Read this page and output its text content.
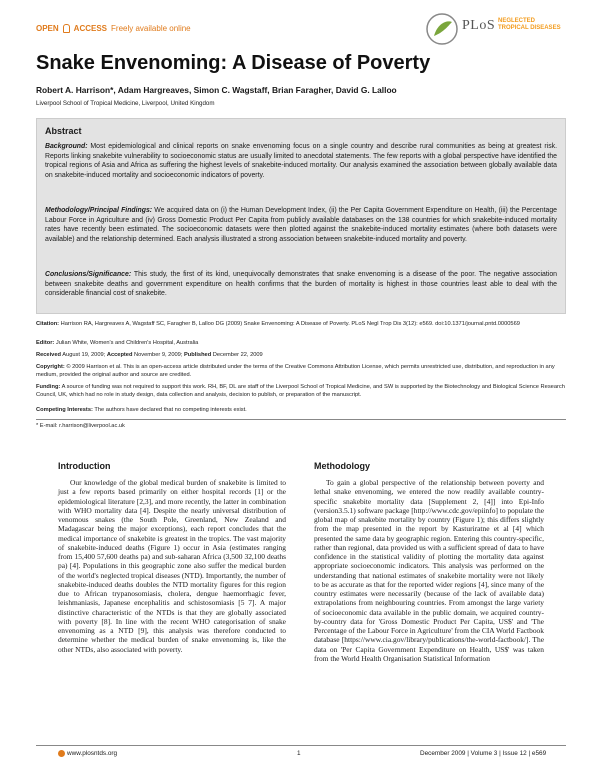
OPEN ACCESS Freely available online	PLoS NEGLECTED
TROPICAL DISEASES
Snake Envenoming: A Disease of Poverty
Robert A. Harrison*, Adam Hargreaves, Simon C. Wagstaff, Brian Faragher, David G. Lalloo
Liverpool School of Tropical Medicine, Liverpool, United Kingdom
Abstract
Background: Most epidemiological and clinical reports on snake envenoming focus on a single country and describe rural communities as being at greatest risk. Reports linking snakebite vulnerability to socioeconomic status are usually limited to anecdotal statements. The few reports with a global perspective have identified the tropical regions of Asia and Africa as suffering the highest levels of snakebite-induced mortality. Our analysis examined the association between globally available data on snakebite-induced mortality and socioeconomic indicators of poverty.
Methodology/Principal Findings: We acquired data on (i) the Human Development Index, (ii) the Per Capita Government Expenditure on Health, (iii) the Percentage Labour Force in Agriculture and (iv) Gross Domestic Product Per Capita from publicly available databases on the 138 countries for which snakebite-induced mortality rates have recently been estimated. The socioeconomic datasets were then plotted against the snakebite-induced mortality estimates (where both datasets were available) and the relationship determined. Each analysis illustrated a strong association between snakebite-induced mortality and poverty.
Conclusions/Significance: This study, the first of its kind, unequivocally demonstrates that snake envenoming is a disease of the poor. The negative association between snakebite deaths and government expenditure on health confirms that the burden of mortality is highest in those countries least able to deal with the considerable financial cost of snakebite.
Citation: Harrison RA, Hargreaves A, Wagstaff SC, Faragher B, Lalloo DG (2009) Snake Envenoming: A Disease of Poverty. PLoS Negl Trop Dis 3(12): e569. doi:10.1371/journal.pntd.0000569
Editor: Julian White, Women's and Children's Hospital, Australia
Received August 19, 2009; Accepted November 9, 2009; Published December 22, 2009
Copyright: © 2009 Harrison et al. This is an open-access article distributed under the terms of the Creative Commons Attribution License, which permits unrestricted use, distribution, and reproduction in any medium, provided the original author and source are credited.
Funding: A source of funding was not required to support this work. RH, BF, DL are staff of the Liverpool School of Tropical Medicine, and SW is supported by the Biotechnology and Biological Science Research Council, UK, which had no role in study design, data collection and analysis, decision to publish, or preparation of the manuscript.
Competing Interests: The authors have declared that no competing interests exist.
* E-mail: r.harrison@liverpool.ac.uk
Introduction

Our knowledge of the global medical burden of snakebite is limited to just a few reports based primarily on either hospital records [1] or the epidemiological literature [2,3], and more recently, the latter in combination with WHO mortality data [4]. Despite the nearly universal distribution of venomous snakes (the South Pole, Greenland, New Zealand and Madagascar being the major exceptions), each report concludes that the medical importance of snakebite is greatest in the tropics. The vast majority of snakebite-induced deaths (Figure 1) occur in Asia (estimates ranging from 15,400 57,600 deaths pa) and sub-saharan Africa (3,500 32,100 deaths pa) [4]. Populations in this geographic zone also suffer the medical burden of the world's neglected tropical diseases (NTD). Importantly, the number of snakebite-induced deaths doubles the NTD mortality figures for this region due to African trypanosomiasis, cholera, dengue haemorrhagic fever, leishmaniasis, Japanese encephalitis and schistosomiasis [5 7]. A major distinctive characteristic of the NTDs is that they are globally associated with poverty [8]. In line with the recent WHO categorisation of snake envenoming as a NTD [9], this analysis was therefore conducted to determine whether the medical burden of snake envenoming is, like the other NTDs, also associated with poverty.

Methodology

To gain a global perspective of the relationship between poverty and lethal snake envenoming, we entered the now readily available country-specific snakebite mortality data [Supplement 2, [4]] into Epi-Info (version3.5.1) software package [http://www.cdc.gov/epiinfo] to populate the global map of snakebite mortality by country (Figure 1); this differs slightly from the map presented in the report by Kasturiratne et al [4] which presented the same data by geographic region. Entering this country-specific, rather than regional, data provided us with a sufficient spread of data to have confidence in the statistical validity of plotting the mortality data against appropriate socioeconomic indicators. This analysis was performed on the understanding that national estimates of snakebite mortality were not likely to be as accurate as that for the reported wider regions [4], since many of the country estimates were necessarily (because of the lack of available data) extrapolations from neighbouring countries. From amongst the large variety of socioeconomic data available in the public domain, we acquired country-by-country data for 'Gross Domestic Product Per Capita, US$' and 'The Percentage of the Labour Force in Agriculture' from the CIA World Factbook database [https://www.cia.gov/library/publications/the-world-factbook/]. The data on 'Per Capita Government Expenditure on Health, US$' was taken from the World Health Organisation Statistical Information

www.plosntds.org	1	December 2009 | Volume 3 | Issue 12 | e569
